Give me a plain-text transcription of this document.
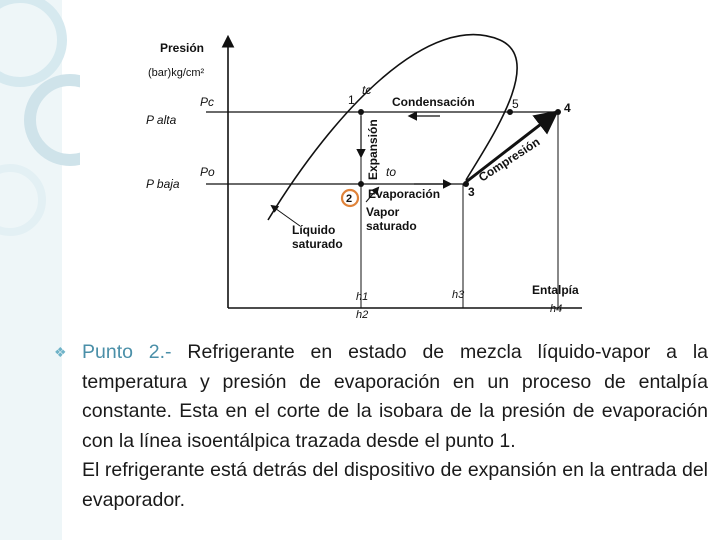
Presión
(bar)kg/cm²
Pc
P alta
Po
P baja
tc
to
1
2	3
4
5
Condensación
Expansión
Evaporación
Compresión
Vapor
saturado
Líquido
saturado
h1
h2
h3
h4
Entalpía
❖ Punto 2.- Refrigerante en estado de mezcla líquido-vapor a la temperatura y presión de evaporación en un proceso de entalpía constante. Esta en el corte de la isobara de la presión de evaporación con la línea isoentálpica trazada desde el punto 1.
El refrigerante está detrás del dispositivo de expansión en la entrada del evaporador.
